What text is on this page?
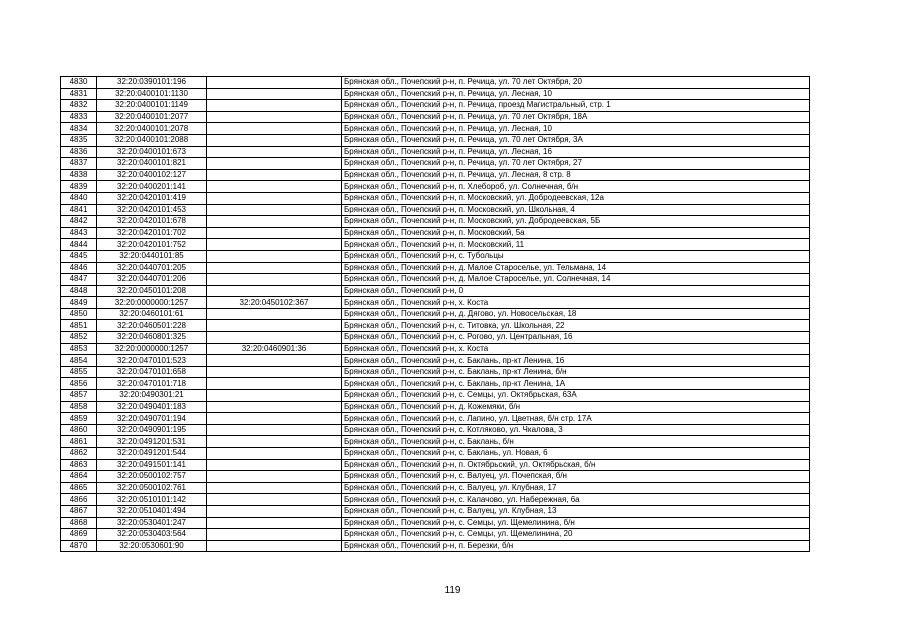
4830	32:20:0390101:196		Брянская обл., Почепский р-н, п. Речица, ул. 70 лет Октября, 20
4831	32:20:0400101:1130		Брянская обл., Почепский р-н, п. Речица, ул. Лесная, 10
4832	32:20:0400101:1149		Брянская обл., Почепский р-н, п. Речица, проезд Магистральный, стр. 1
4833	32:20:0400101:2077		Брянская обл., Почепский р-н, п. Речица, ул. 70 лет Октября, 18А
4834	32:20:0400101:2078		Брянская обл., Почепский р-н, п. Речица, ул. Лесная, 10
4835	32:20:0400101:2088		Брянская обл., Почепский р-н, п. Речица, ул. 70 лет Октября, 3А
4836	32:20:0400101:673		Брянская обл., Почепский р-н, п. Речица, ул. Лесная, 16
4837	32:20:0400101:821		Брянская обл., Почепский р-н, п. Речица, ул. 70 лет Октября, 27
4838	32:20:0400102:127		Брянская обл., Почепский р-н, п. Речица, ул. Лесная, 8 стр. 8
4839	32:20:0400201:141		Брянская обл., Почепский р-н, п. Хлебороб, ул. Солнечная, б/н
4840	32:20:0420101:419		Брянская обл., Почепский р-н, п. Московский, ул. Добродеевская, 12а
4841	32:20:0420101:453		Брянская обл., Почепский р-н, п. Московский, ул. Школьная, 4
4842	32:20:0420101:678		Брянская обл., Почепский р-н, п. Московский, ул. Добродеевская, 5Б
4843	32:20:0420101:702		Брянская обл., Почепский р-н, п. Московский, 5а
4844	32:20:0420101:752		Брянская обл., Почепский р-н, п. Московский, 11
4845	32:20:0440101:85		Брянская обл., Почепский р-н, с. Тубольцы
4846	32:20:0440701:205		Брянская обл., Почепский р-н, д. Малое Староселье, ул. Тельмана, 14
4847	32:20:0440701:206		Брянская обл., Почепский р-н, д. Малое Староселье, ул. Солнечная, 14
4848	32:20:0450101:208		Брянская обл., Почепский р-н, 0
4849	32:20:0000000:1257	32:20:0450102:367	Брянская обл., Почепский р-н, х. Коста
4850	32:20:0460101:61		Брянская обл., Почепский р-н, д. Дягово, ул. Новосельская, 18
4851	32:20:0460501:228		Брянская обл., Почепский р-н, с. Титовка, ул. Школьная, 22
4852	32:20:0460801:325		Брянская обл., Почепский р-н, с. Рогово, ул. Центральная, 16
4853	32:20:0000000:1257	32:20:0460901:36	Брянская обл., Почепский р-н, х. Коста
4854	32:20:0470101:523		Брянская обл., Почепский р-н, с. Баклань, пр-кт Ленина, 16
4855	32:20:0470101:658		Брянская обл., Почепский р-н, с. Баклань, пр-кт Ленина, б/н
4856	32:20:0470101:718		Брянская обл., Почепский р-н, с. Баклань, пр-кт Ленина, 1А
4857	32:20:0490301:21		Брянская обл., Почепский р-н, с. Семцы, ул. Октябрьская, 63А
4858	32:20:0490401:183		Брянская обл., Почепский р-н, д. Кожемяки, б/н
4859	32:20:0490701:194		Брянская обл., Почепский р-н, с. Лапино, ул. Цветная, б/н стр. 17А
4860	32:20:0490901:195		Брянская обл., Почепский р-н, с. Котляково, ул. Чкалова, 3
4861	32:20:0491201:531		Брянская обл., Почепский р-н, с. Баклань, б/н
4862	32:20:0491201:544		Брянская обл., Почепский р-н, с. Баклань, ул. Новая, 6
4863	32:20:0491501:141		Брянская обл., Почепский р-н, п. Октябрьский, ул. Октябрьская, б/н
4864	32:20:0500102:757		Брянская обл., Почепский р-н, с. Валуец, ул. Почепская, б/н
4865	32:20:0500102:761		Брянская обл., Почепский р-н, с. Валуец, ул. Клубная, 17
4866	32:20:0510101:142		Брянская обл., Почепский р-н, с. Калачово, ул. Набережная, 6а
4867	32:20:0510401:494		Брянская обл., Почепский р-н, с. Валуец, ул. Клубная, 13
4868	32:20:0530401:247		Брянская обл., Почепский р-н, с. Семцы, ул. Щемелинина, б/н
4869	32:20:0530403:564		Брянская обл., Почепский р-н, с. Семцы, ул. Щемелинина, 20
4870	32:20:0530601:90		Брянская обл., Почепский р-н, п. Березки, б/н
119
